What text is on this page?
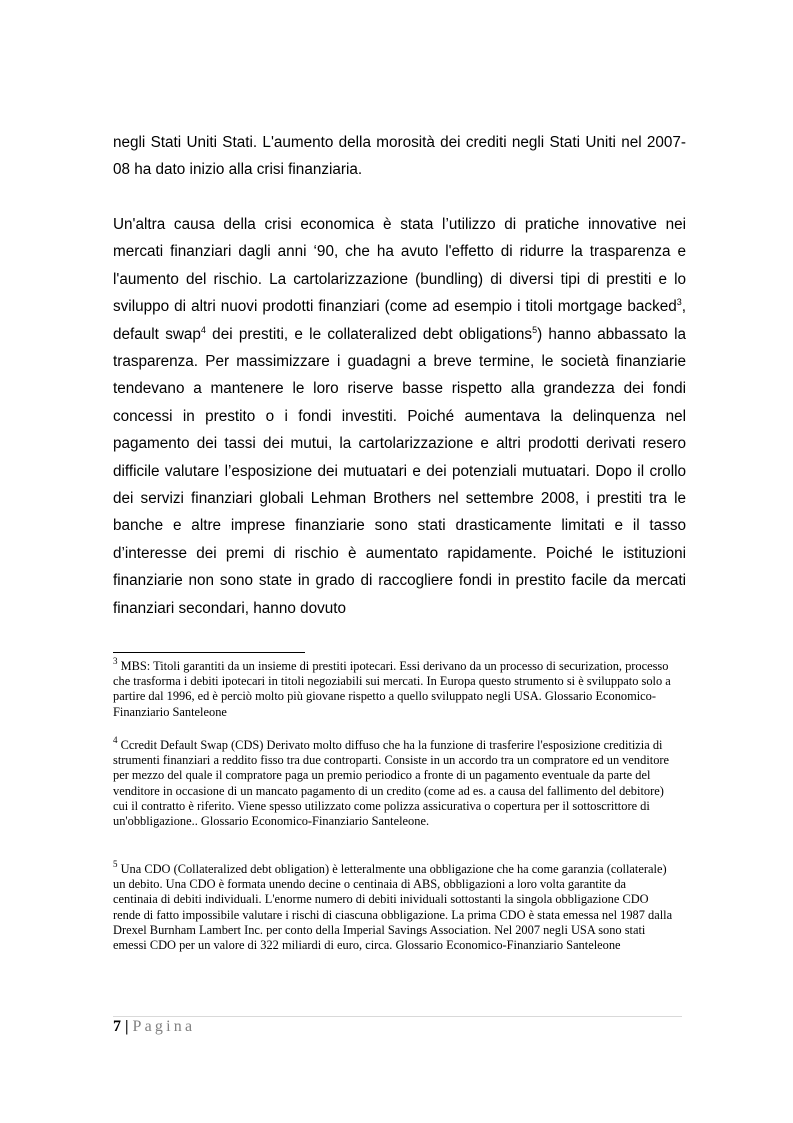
negli Stati Uniti Stati. L'aumento della morosità dei crediti negli Stati Uniti nel 2007-08 ha dato inizio alla crisi finanziaria.

Un'altra causa della crisi economica è stata l’utilizzo di pratiche innovative nei mercati finanziari dagli anni ‘90, che ha avuto l'effetto di ridurre la trasparenza e l'aumento del rischio. La cartolarizzazione (bundling) di diversi tipi di prestiti e lo sviluppo di altri nuovi prodotti finanziari (come ad esempio i titoli mortgage backed$^3$, default swap$^4$ dei prestiti, e le collateralized debt obligations$^5$) hanno abbassato la trasparenza. Per massimizzare i guadagni a breve termine, le società finanziarie tendevano a mantenere le loro riserve basse rispetto alla grandezza dei fondi concessi in prestito o i fondi investiti. Poiché aumentava la delinquenza nel pagamento dei tassi dei mutui, la cartolarizzazione e altri prodotti derivati resero difficile valutare l’esposizione dei mutuatari e dei potenziali mutuatari. Dopo il crollo dei servizi finanziari globali Lehman Brothers nel settembre 2008, i prestiti tra le banche e altre imprese finanziarie sono stati drasticamente limitati e il tasso d’interesse dei premi di rischio è aumentato rapidamente. Poiché le istituzioni finanziarie non sono state in grado di raccogliere fondi in prestito facile da mercati finanziari secondari, hanno dovuto

$^3$ MBS: Titoli garantiti da un insieme di prestiti ipotecari. Essi derivano da un processo di securization, processo che trasforma i debiti ipotecari in titoli negoziabili sui mercati. In Europa questo strumento si è sviluppato solo a partire dal 1996, ed è perciò molto più giovane rispetto a quello sviluppato negli USA. Glossario Economico-Finanziario Santeleone

$^4$ Ccredit Default Swap (CDS) Derivato molto diffuso che ha la funzione di trasferire l'esposizione creditizia di strumenti finanziari a reddito fisso tra due controparti. Consiste in un accordo tra un compratore ed un venditore per mezzo del quale il compratore paga un premio periodico a fronte di un pagamento eventuale da parte del venditore in occasione di un mancato pagamento di un credito (come ad es. a causa del fallimento del debitore) cui il contratto è riferito. Viene spesso utilizzato come polizza assicurativa o copertura per il sottoscrittore di un'obbligazione.. Glossario Economico-Finanziario Santeleone.

$^5$ Una CDO (Collateralized debt obligation) è letteralmente una obbligazione che ha come garanzia (collaterale) un debito. Una CDO è formata unendo decine o centinaia di ABS, obbligazioni a loro volta garantite da centinaia di debiti individuali. L'enorme numero di debiti inividuali sottostanti la singola obbligazione CDO rende di fatto impossibile valutare i rischi di ciascuna obbligazione. La prima CDO è stata emessa nel 1987 dalla Drexel Burnham Lambert Inc. per conto della Imperial Savings Association. Nel 2007 negli USA sono stati emessi CDO per un valore di 322 miliardi di euro, circa. Glossario Economico-Finanziario Santeleone

7 | Pagina
